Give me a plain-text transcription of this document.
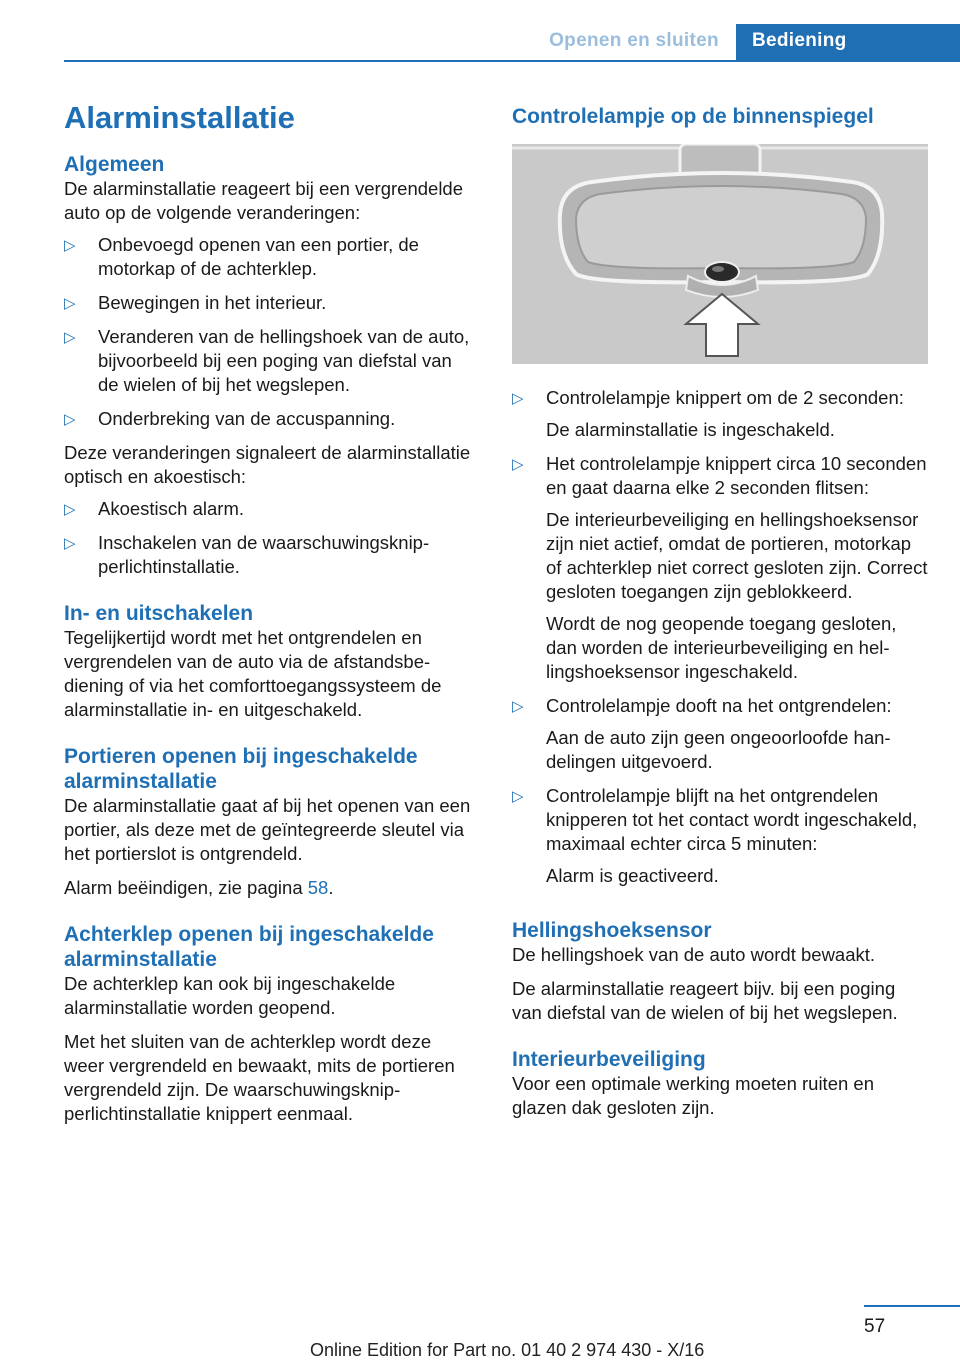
Openen en sluiten	Bediening
Alarminstallatie
Algemeen

De alarminstallatie reageert bij een vergrendelde auto op de volgende veranderingen:

▷ Onbevoegd openen van een portier, de motorkap of de achterklep.
▷ Bewegingen in het interieur.
▷ Veranderen van de hellingshoek van de auto, bijvoorbeeld bij een poging van diefstal van de wielen of bij het wegslepen.
▷ Onderbreking van de accuspanning.

Deze veranderingen signaleert de alarminstallatie optisch en akoestisch:

▷ Akoestisch alarm.
▷ Inschakelen van de waarschuwingsknipperlichtinstallatie.
In- en uitschakelen

Tegelijkertijd wordt met het ontgrendelen en vergrendelen van de auto via de afstandsbediening of via het comforttoegangssysteem de alarminstallatie in- en uitgeschakeld.

Portieren openen bij ingeschakelde alarminstallatie

De alarminstallatie gaat af bij het openen van een portier, als deze met de geïntegreerde sleutel via het portierslot is ontgrendeld.

Alarm beëindigen, zie pagina 58.

Achterklep openen bij ingeschakelde alarminstallatie

De achterklep kan ook bij ingeschakelde alarminstallatie worden geopend.

Met het sluiten van de achterklep wordt deze weer vergrendeld en bewaakt, mits de portieren vergrendeld zijn. De waarschuwingsknipperlichtinstallatie knippert eenmaal.

Controlelampje op de binnenspiegel
▷ Controlelampje knippert om de 2 seconden:
De alarminstallatie is ingeschakeld.
▷ Het controlelampje knippert circa 10 seconden en gaat daarna elke 2 seconden flitsen:
De interieurbeveiliging en hellingshoeksensor zijn niet actief, omdat de portieren, motorkap of achterklep niet correct gesloten zijn. Correct gesloten toegangen zijn geblokkeerd.
Wordt de nog geopende toegang gesloten, dan worden de interieurbeveiliging en hellingshoeksensor ingeschakeld.
▷ Controlelampje dooft na het ontgrendelen:
Aan de auto zijn geen ongeoorloofde handelingen uitgevoerd.
▷ Controlelampje blijft na het ontgrendelen knipperen tot het contact wordt ingeschakeld, maximaal echter circa 5 minuten:
Alarm is geactiveerd.
Hellingshoeksensor

De hellingshoek van de auto wordt bewaakt.

De alarminstallatie reageert bijv. bij een poging van diefstal van de wielen of bij het wegslepen.

Interieurbeveiliging

Voor een optimale werking moeten ruiten en glazen dak gesloten zijn.

57
Online Edition for Part no. 01 40 2 974 430 - X/16
